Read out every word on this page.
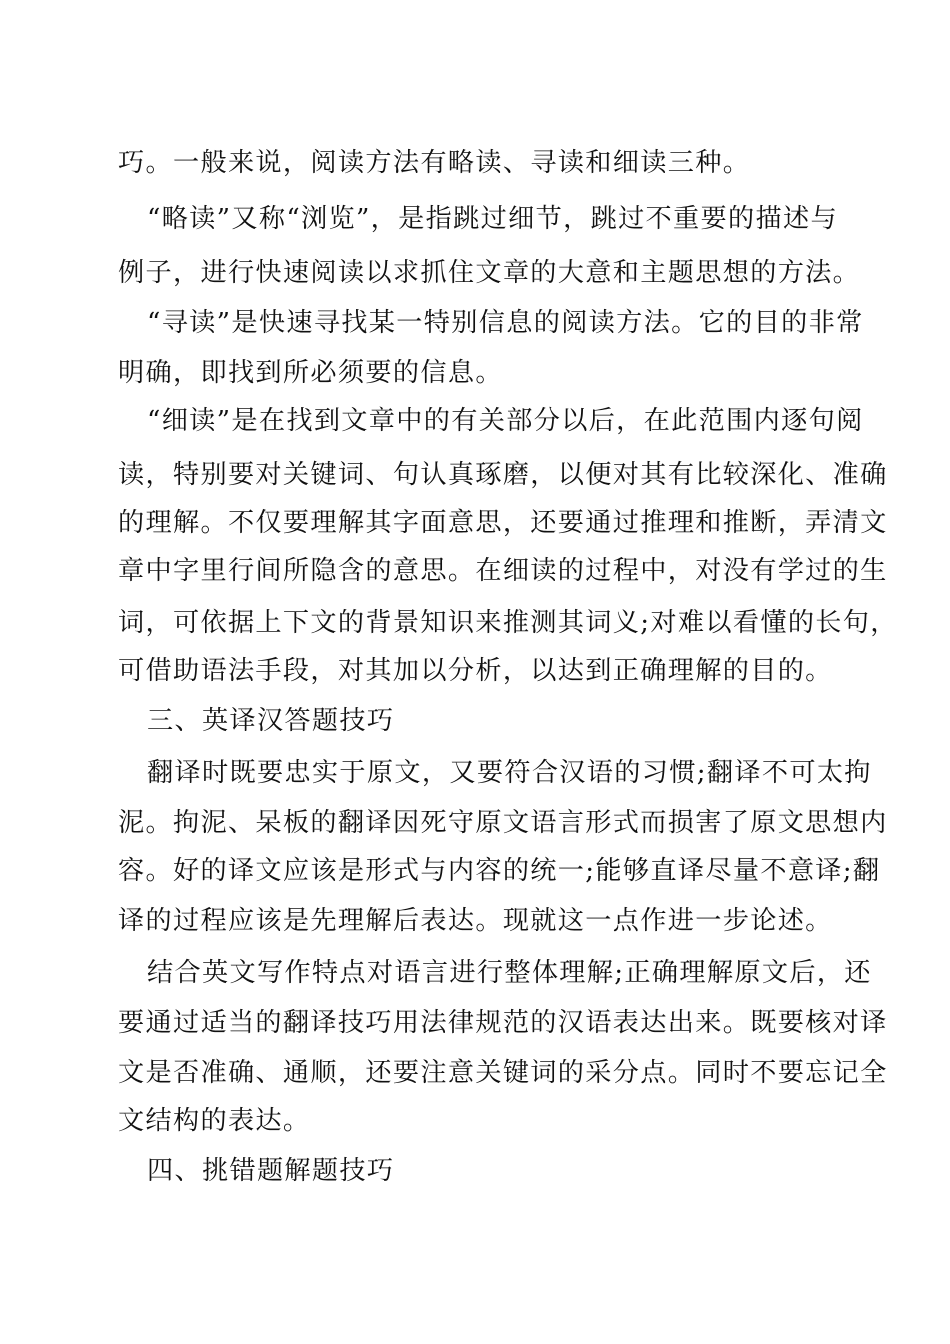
巧。一般来说，阅读方法有略读、寻读和细读三种。
“略读”又称“浏览”，是指跳过细节，跳过不重要的描述与
例子，进行快速阅读以求抓住文章的大意和主题思想的方法。
“寻读”是快速寻找某一特别信息的阅读方法。它的目的非常
明确，即找到所必须要的信息。
“细读”是在找到文章中的有关部分以后，在此范围内逐句阅
读，特别要对关键词、句认真琢磨，以便对其有比较深化、准确
的理解。不仅要理解其字面意思，还要通过推理和推断，弄清文
章中字里行间所隐含的意思。在细读的过程中，对没有学过的生
词，可依据上下文的背景知识来推测其词义;对难以看懂的长句，
可借助语法手段，对其加以分析，以达到正确理解的目的。
三、英译汉答题技巧
翻译时既要忠实于原文，又要符合汉语的习惯;翻译不可太拘
泥。拘泥、呆板的翻译因死守原文语言形式而损害了原文思想内
容。好的译文应该是形式与内容的统一;能够直译尽量不意译;翻
译的过程应该是先理解后表达。现就这一点作进一步论述。
结合英文写作特点对语言进行整体理解;正确理解原文后，还
要通过适当的翻译技巧用法律规范的汉语表达出来。既要核对译
文是否准确、通顺，还要注意关键词的采分点。同时不要忘记全
文结构的表达。
四、挑错题解题技巧
